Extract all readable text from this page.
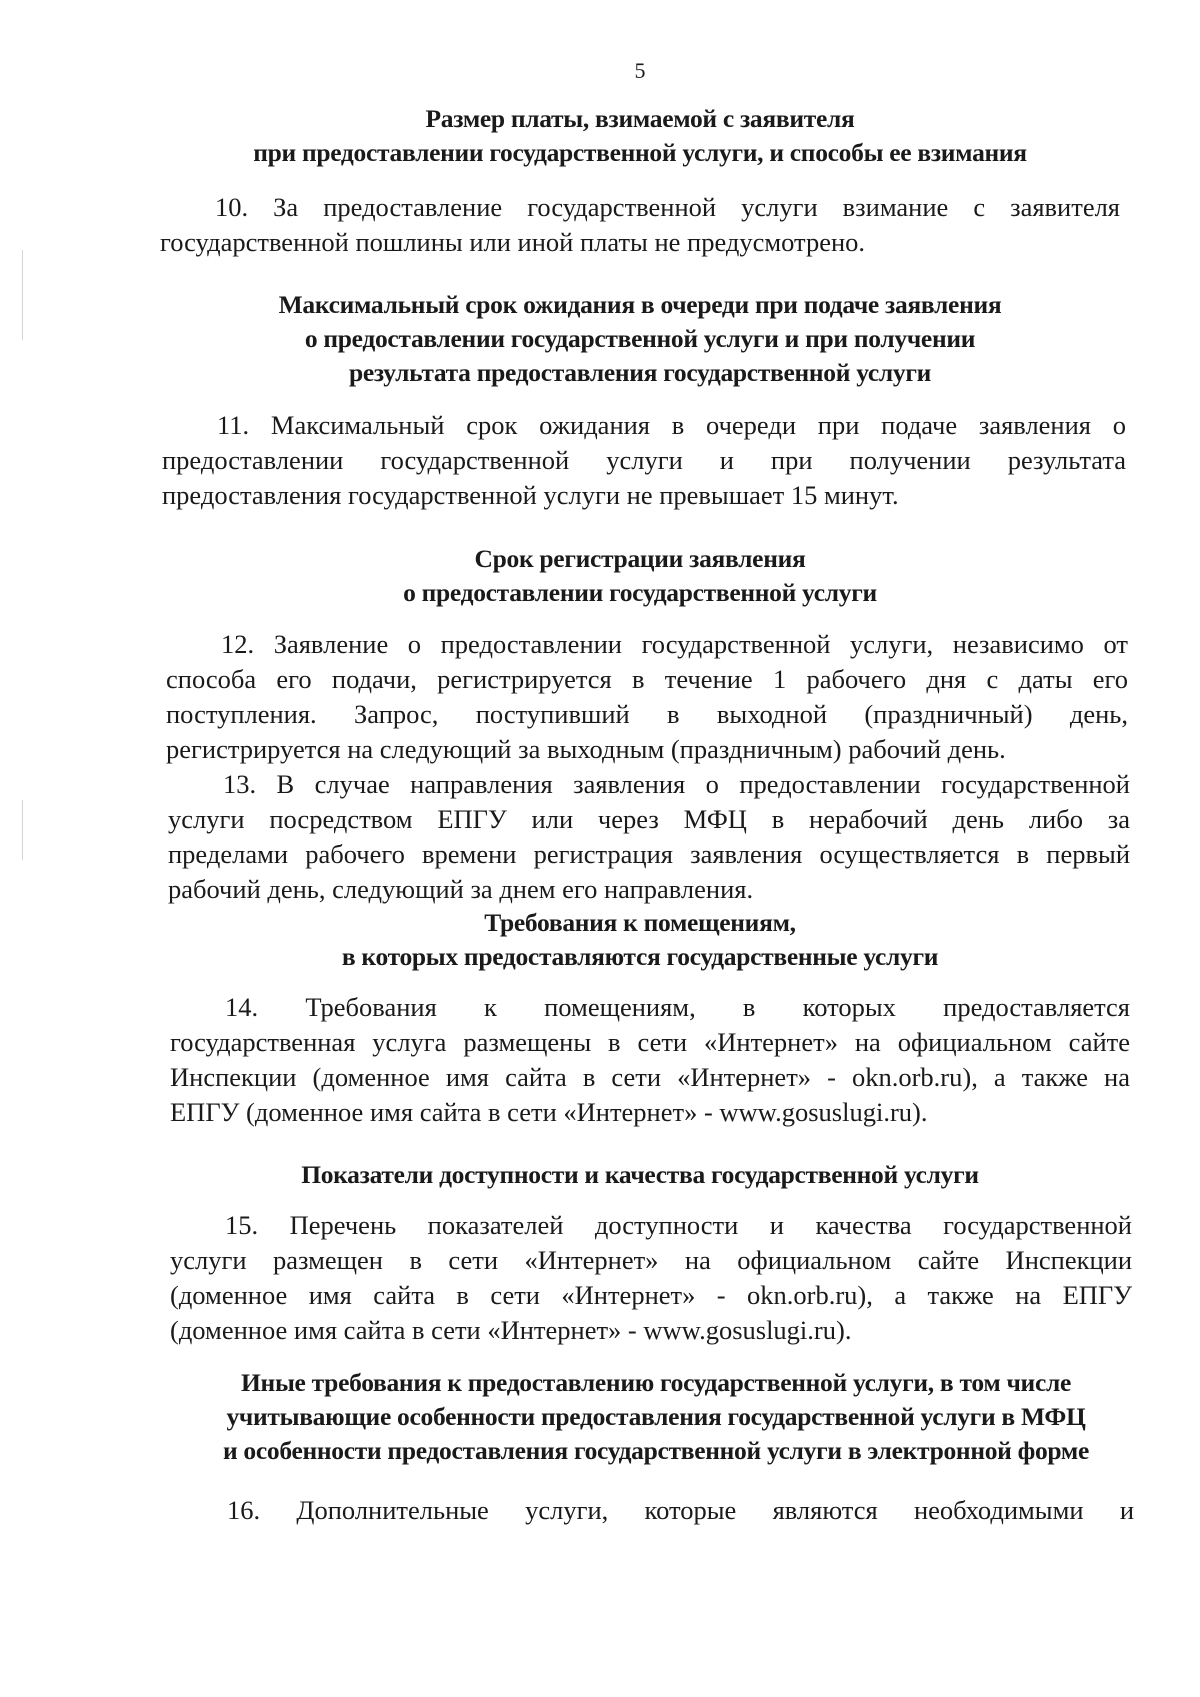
5
Размер платы, взимаемой с заявителя
при предоставлении государственной услуги, и способы ее взимания
10. За предоставление государственной услуги взимание с заявителя
государственной пошлины или иной платы не предусмотрено.
Максимальный срок ожидания в очереди при подаче заявления
о предоставлении государственной услуги и при получении
результата предоставления государственной услуги
11. Максимальный срок ожидания в очереди при подаче заявления о
предоставлении государственной услуги и при получении результата
предоставления государственной услуги не превышает 15 минут.
Срок регистрации заявления
о предоставлении государственной услуги
12. Заявление о предоставлении государственной услуги, независимо от
способа его подачи, регистрируется в течение 1 рабочего дня с даты его
поступления. Запрос, поступивший в выходной (праздничный) день,
регистрируется на следующий за выходным (праздничным) рабочий день.
13. В случае направления заявления о предоставлении государственной
услуги посредством ЕПГУ или через МФЦ в нерабочий день либо за
пределами рабочего времени регистрация заявления осуществляется в первый
рабочий день, следующий за днем его направления.
Требования к помещениям,
в которых предоставляются государственные услуги
14. Требования к помещениям, в которых предоставляется
государственная услуга размещены в сети «Интернет» на официальном сайте
Инспекции (доменное имя сайта в сети «Интернет» - okn.orb.ru), а также на
ЕПГУ (доменное имя сайта в сети «Интернет» - www.gosuslugi.ru).
Показатели доступности и качества государственной услуги
15. Перечень показателей доступности и качества государственной
услуги размещен в сети «Интернет» на официальном сайте Инспекции
(доменное имя сайта в сети «Интернет» - okn.orb.ru), а также на ЕПГУ
(доменное имя сайта в сети «Интернет» - www.gosuslugi.ru).
Иные требования к предоставлению государственной услуги, в том числе
учитывающие особенности предоставления государственной услуги в МФЦ
и особенности предоставления государственной услуги в электронной форме
16. Дополнительные услуги, которые являются необходимыми и
